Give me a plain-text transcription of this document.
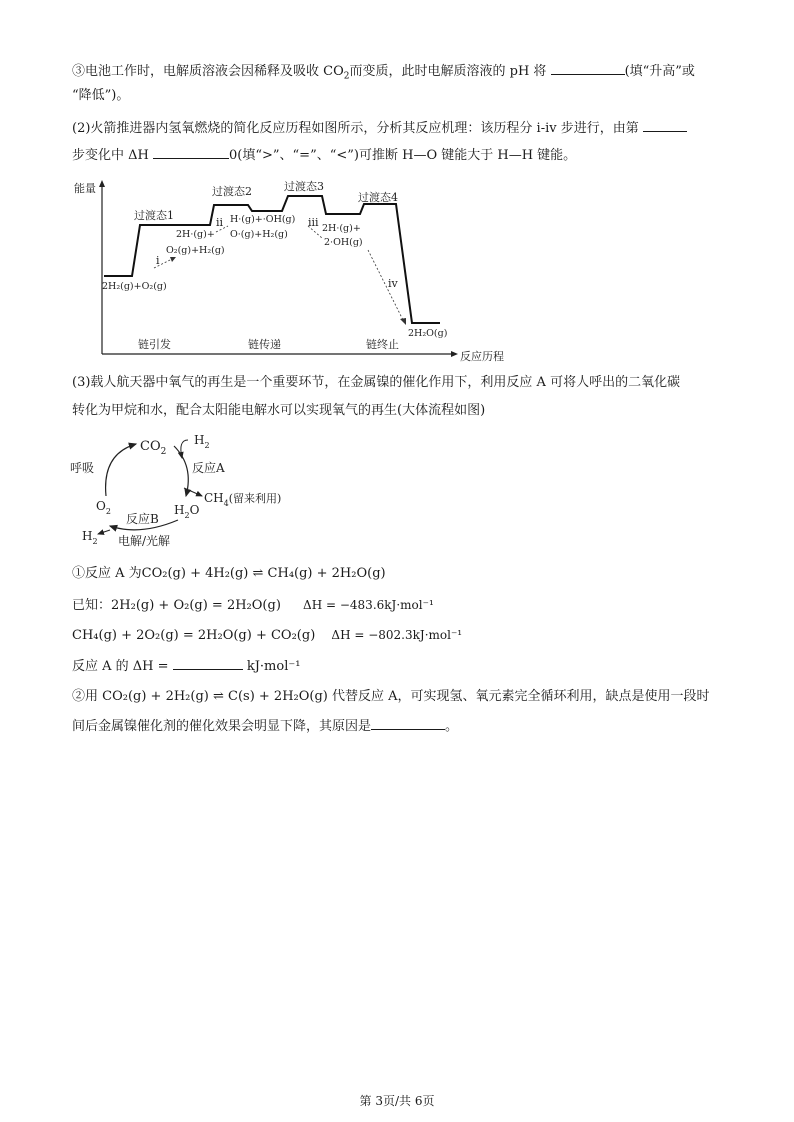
③电池工作时，电解质溶液会因稀释及吸收 $CO_2$而变质，此时电解质溶液的 pH 将	(填“升高”或
“降低”)。
(2)火箭推进器内氢氧燃烧的简化反应历程如图所示，分析其反应机理：该历程分 i-iv 步进行，由第
步变化中 ΔH	0(填“>”、“=”、“<”)可推断 H—O 键能大于 H—H 键能。
能量
反应历程
过渡态1
过渡态2	过渡态3
过渡态4
2H₂(g)+O₂(g)
2H·(g)+
O₂(g)+H₂(g)
H·(g)+·OH(g)
O·(g)+H₂(g)
2H·(g)+
2·OH(g)
2H₂O(g)
i
ii	iii
iv
链引发	链传递	链终止
(3)载人航天器中氧气的再生是一个重要环节，在金属镍的催化作用下，利用反应 A 可将人呼出的二氧化碳
转化为甲烷和水，配合太阳能电解水可以实现氧气的再生(大体流程如图)
$CO_2$
$H_2$
反应A
$CH_4$(留来利用)
$H_2O$
反应B
$O_2$
呼吸
$H_2$ 电解/光解
①反应 A 为CO₂(g) + 4H₂(g) ⇌ CH₄(g) + 2H₂O(g)
已知：2H₂(g) + O₂(g) = 2H₂O(g) ΔH = −483.6kJ·mol⁻¹
CH₄(g) + 2O₂(g) = 2H₂O(g) + CO₂(g) ΔH = −802.3kJ·mol⁻¹
反应 A 的 ΔH =	kJ·mol⁻¹
②用 CO₂(g) + 2H₂(g) ⇌ C(s) + 2H₂O(g) 代替反应 A，可实现氢、氧元素完全循环利用，缺点是使用一段时
间后金属镍催化剂的催化效果会明显下降，其原因是	。
第 3页/共 6页
